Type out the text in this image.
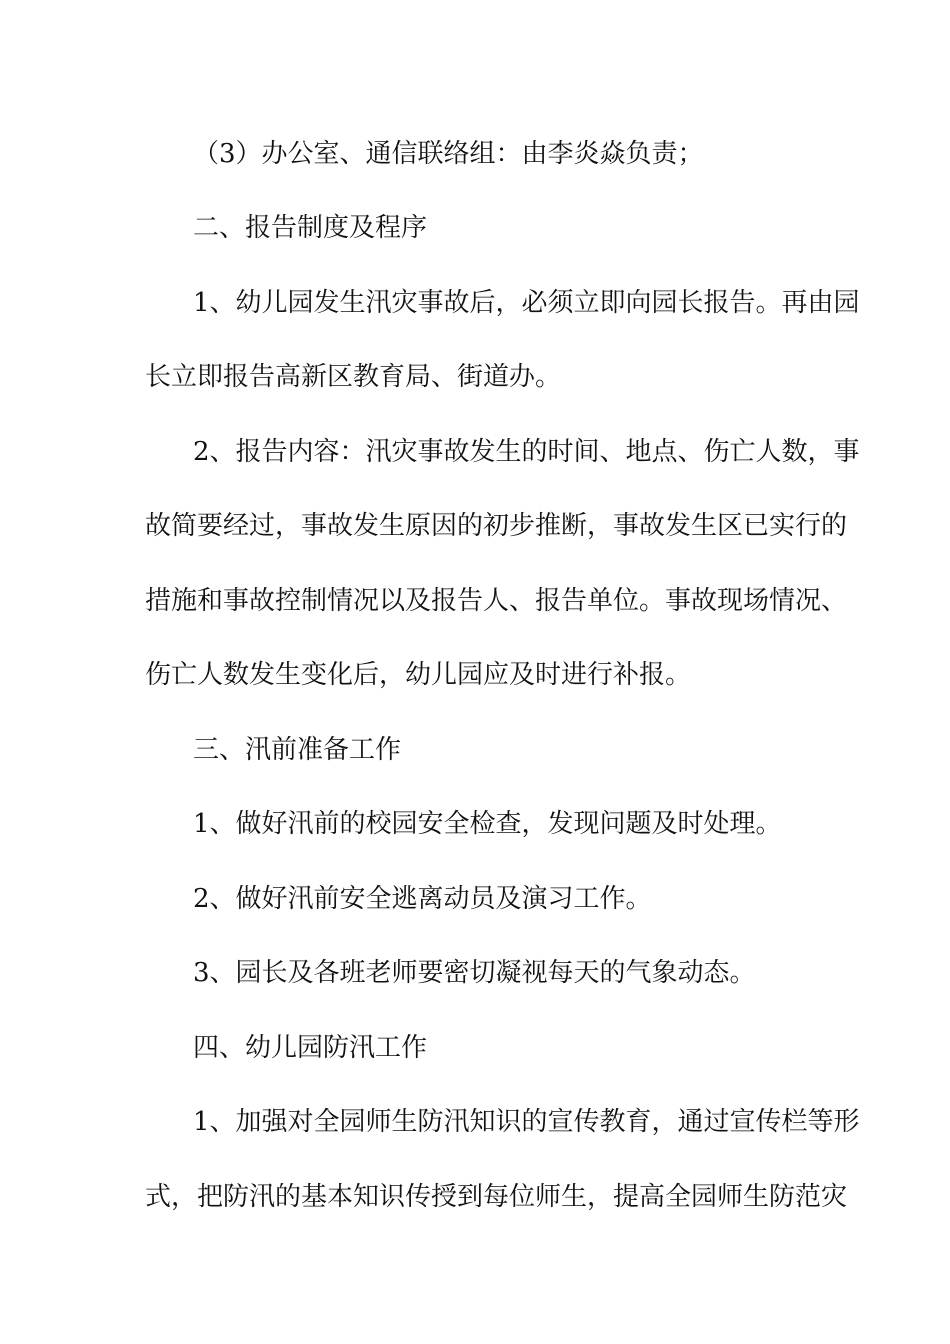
（3）办公室、通信联络组：由李炎焱负责；
二、报告制度及程序
1、幼儿园发生汛灾事故后，必须立即向园长报告。再由园
长立即报告高新区教育局、街道办。
2、报告内容：汛灾事故发生的时间、地点、伤亡人数，事
故简要经过，事故发生原因的初步推断，事故发生区已实行的
措施和事故控制情况以及报告人、报告单位。事故现场情况、
伤亡人数发生变化后，幼儿园应及时进行补报。
三、汛前准备工作
1、做好汛前的校园安全检查，发现问题及时处理。
2、做好汛前安全逃离动员及演习工作。
3、园长及各班老师要密切凝视每天的气象动态。
四、幼儿园防汛工作
1、加强对全园师生防汛知识的宣传教育，通过宣传栏等形
式，把防汛的基本知识传授到每位师生，提高全园师生防范灾
